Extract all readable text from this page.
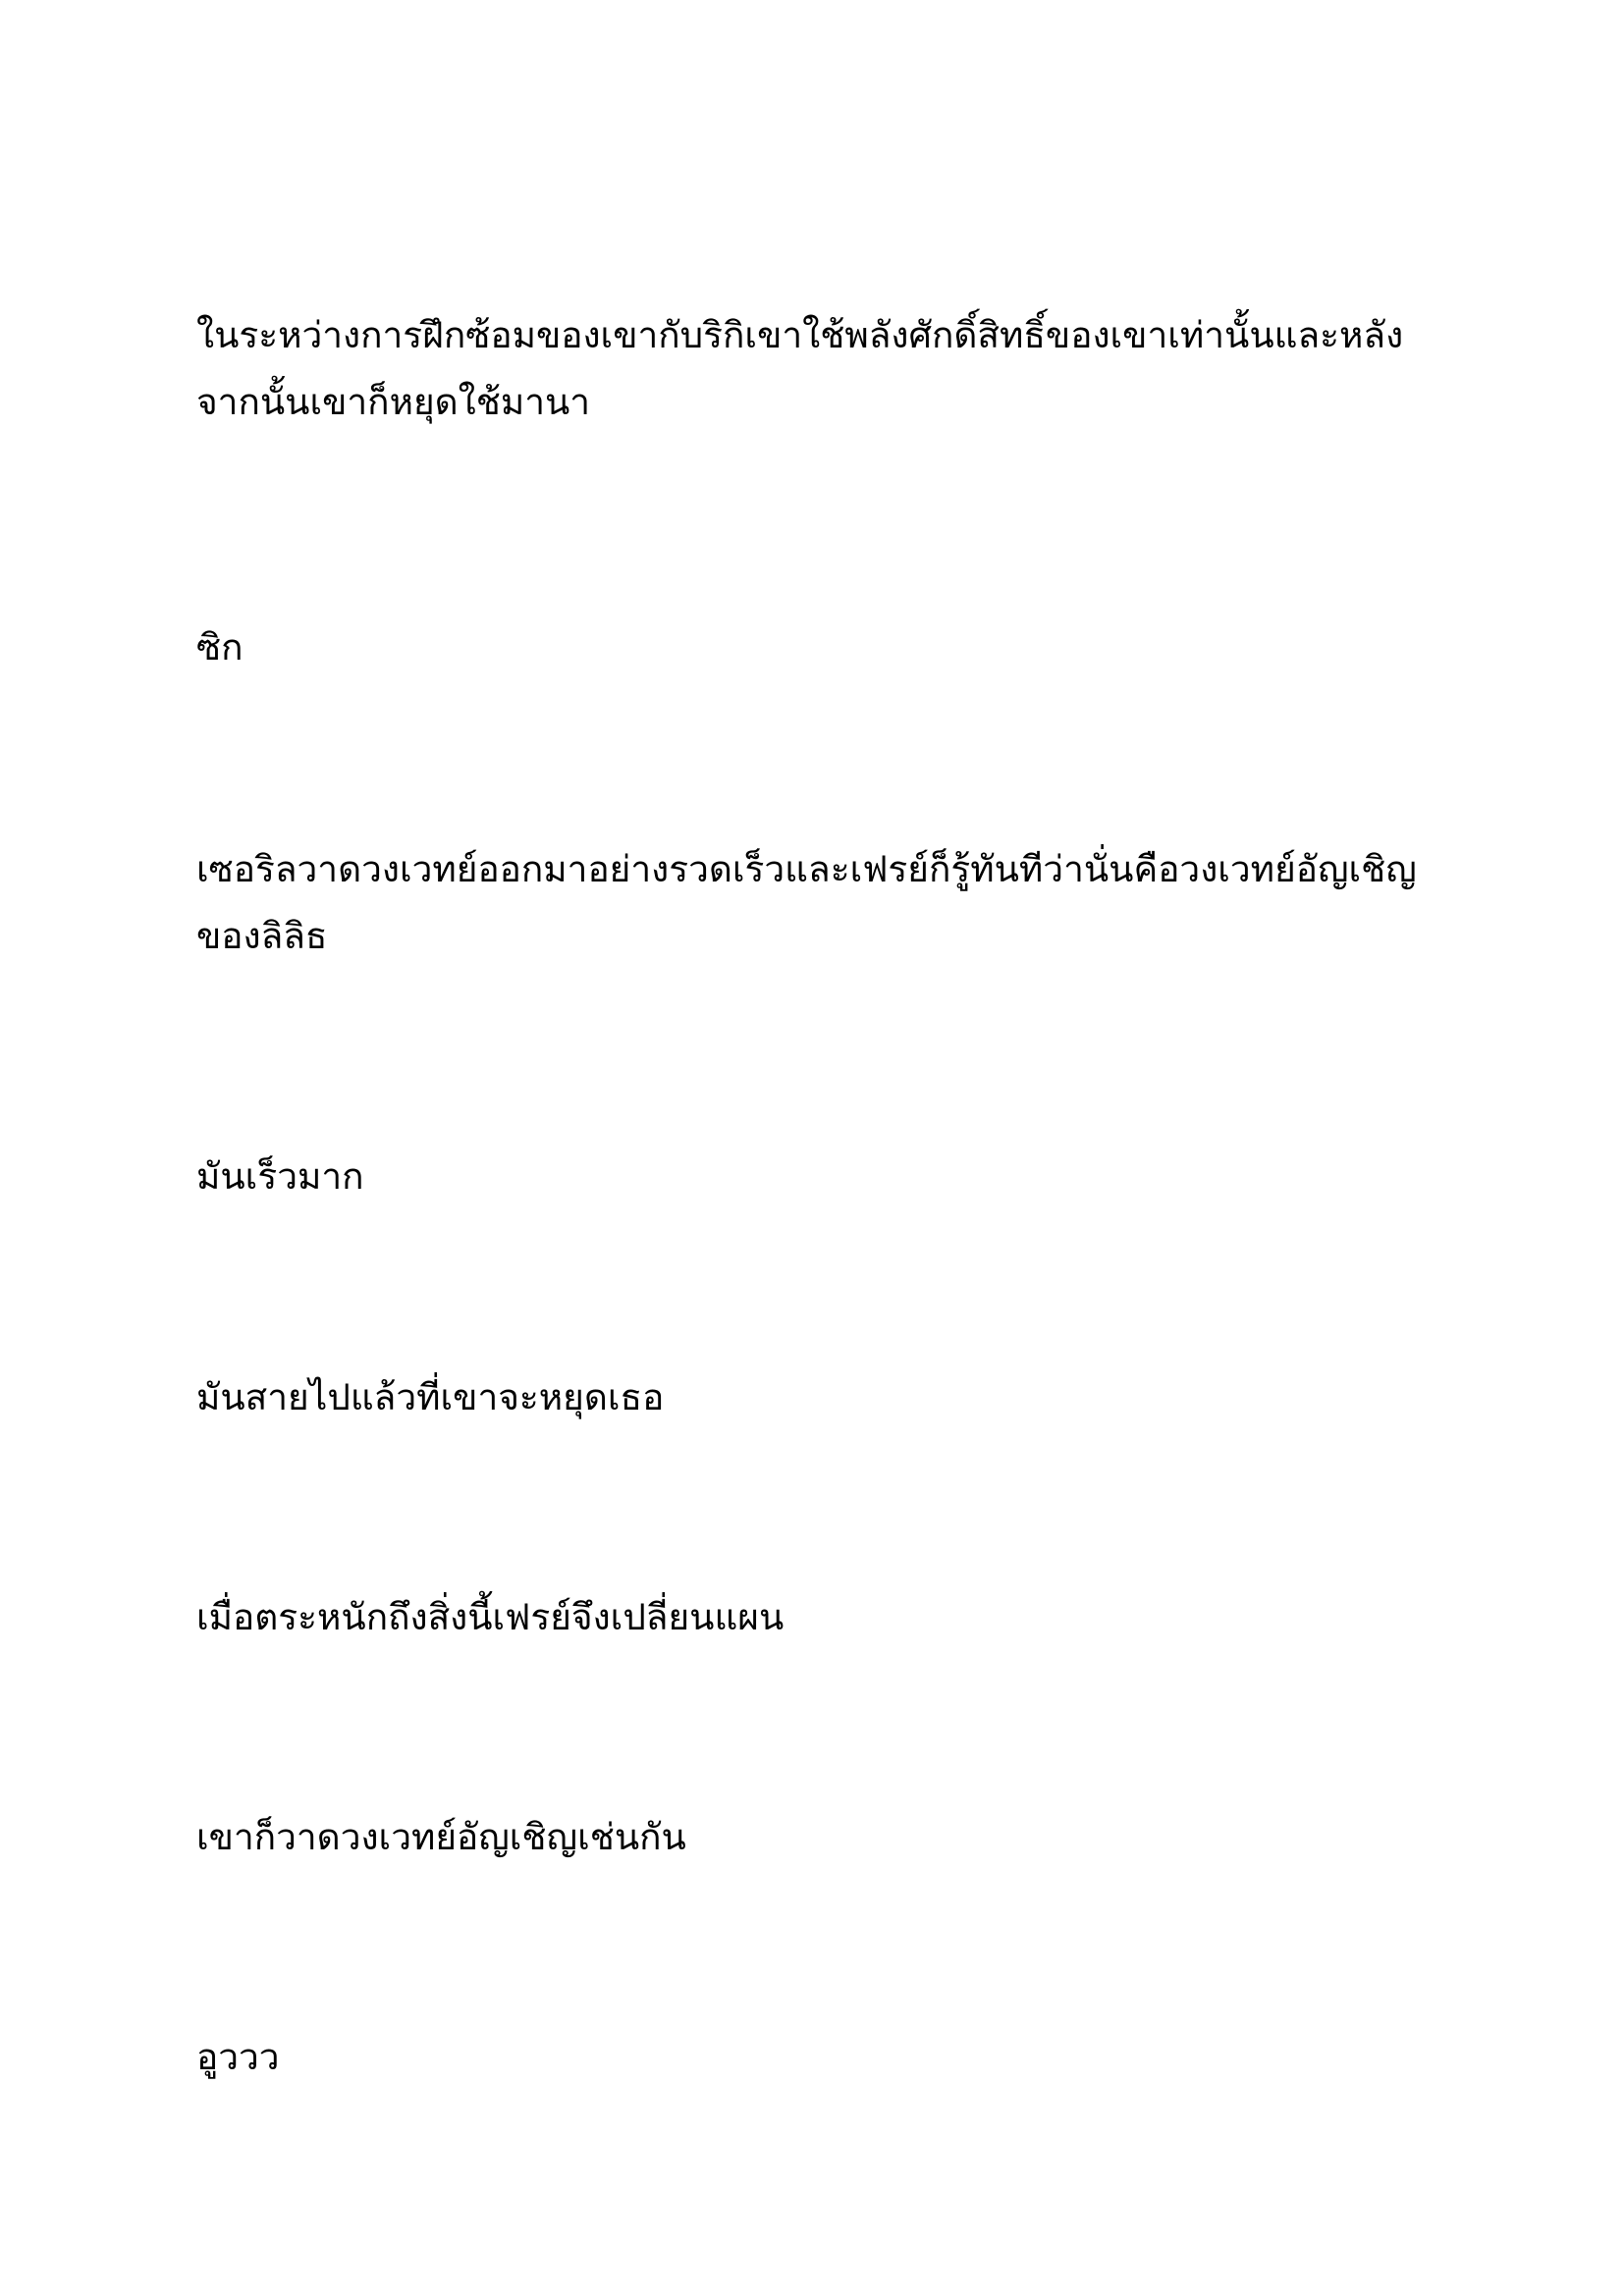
ในระหว่างการฝึกซ้อมของเขากับริกิเขาใช้พลังศักดิ์สิทธิ์ของเขาเท่านั้นและหลังจากนั้นเขาก็หยุดใช้มานา

ซิก

เซอริลวาดวงเวทย์ออกมาอย่างรวดเร็วและเฟรย์ก็รู้ทันทีว่านั่นคือวงเวทย์อัญเชิญของลิลิธ

มันเร็วมาก

มันสายไปแล้วที่เขาจะหยุดเธอ

เมื่อตระหนักถึงสิ่งนี้เฟรย์จึงเปลี่ยนแผน

เขาก็วาดวงเวทย์อัญเชิญเช่นกัน

อูววว
